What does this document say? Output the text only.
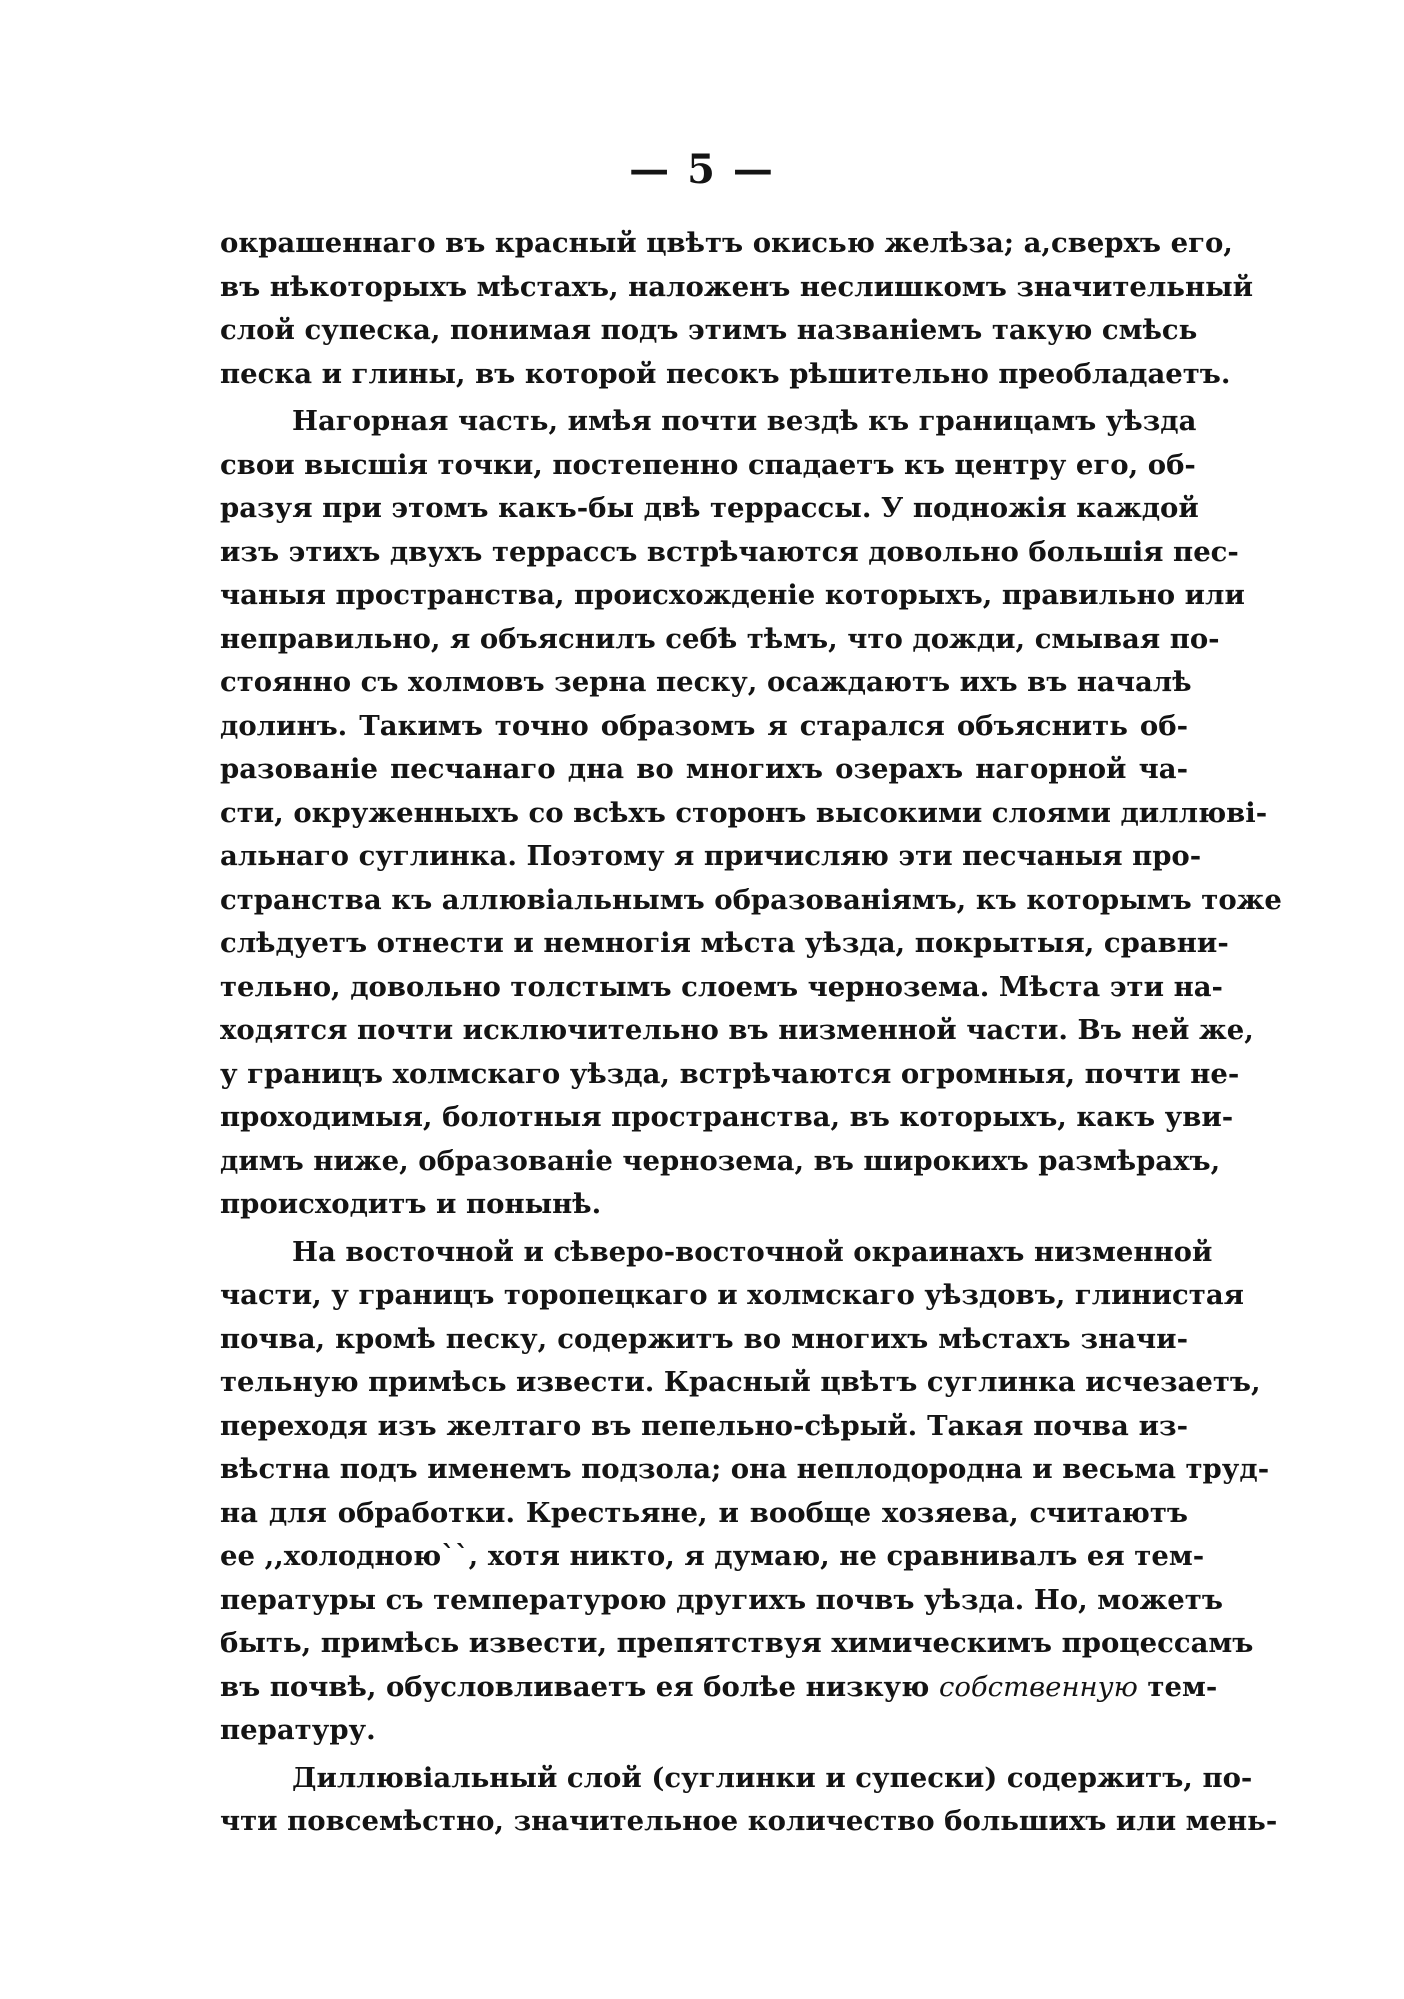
— 5 —
окрашеннаго въ красный цвѣтъ окисью желѣза; а,сверхъ его,
въ нѣкоторыхъ мѣстахъ, наложенъ неслишкомъ значительный
слой супеска, понимая подъ этимъ названіемъ такую смѣсь
песка и глины, въ которой песокъ рѣшительно преобладаетъ.
Нагорная часть, имѣя почти вездѣ къ границамъ уѣзда
свои высшія точки, постепенно спадаетъ къ центру его, об-
разуя при этомъ какъ-бы двѣ террассы. У подножія каждой
изъ этихъ двухъ террассъ встрѣчаются довольно большія пес-
чаныя пространства, происхожденіе которыхъ, правильно или
неправильно, я объяснилъ себѣ тѣмъ, что дожди, смывая по-
стоянно съ холмовъ зерна песку, осаждаютъ ихъ въ началѣ
долинъ. Такимъ точно образомъ я старался объяснить об-
разованіе песчанаго дна во многихъ озерахъ нагорной ча-
сти, окруженныхъ со всѣхъ сторонъ высокими слоями диллюві-
альнаго суглинка. Поэтому я причисляю эти песчаныя про-
странства къ аллювіальнымъ образованіямъ, къ которымъ тоже
слѣдуетъ отнести и немногія мѣста уѣзда, покрытыя, сравни-
тельно, довольно толстымъ слоемъ чернозема. Мѣста эти на-
ходятся почти исключительно въ низменной части. Въ ней же,
у границъ холмскаго уѣзда, встрѣчаются огромныя, почти не-
проходимыя, болотныя пространства, въ которыхъ, какъ уви-
димъ ниже, образованіе чернозема, въ широкихъ размѣрахъ,
происходитъ и понынѣ.
На восточной и сѣверо-восточной окраинахъ низменной
части, у границъ торопецкаго и холмскаго уѣздовъ, глинистая
почва, кромѣ песку, содержитъ во многихъ мѣстахъ значи-
тельную примѣсь извести. Красный цвѣтъ суглинка исчезаетъ,
переходя изъ желтаго въ пепельно-сѣрый. Такая почва из-
вѣстна подъ именемъ подзола; она неплодородна и весьма труд-
на для обработки. Крестьяне, и вообще хозяева, считаютъ
ее ,,холодною``, хотя никто, я думаю, не сравнивалъ ея тем-
пературы съ температурою другихъ почвъ уѣзда. Но, можетъ
быть, примѣсь извести, препятствуя химическимъ процессамъ
въ почвѣ, обусловливаетъ ея болѣе низкую собственную тем-
пературу.
Диллювіальный слой (суглинки и супески) содержитъ, по-
чти повсемѣстно, значительное количество большихъ или мень-
